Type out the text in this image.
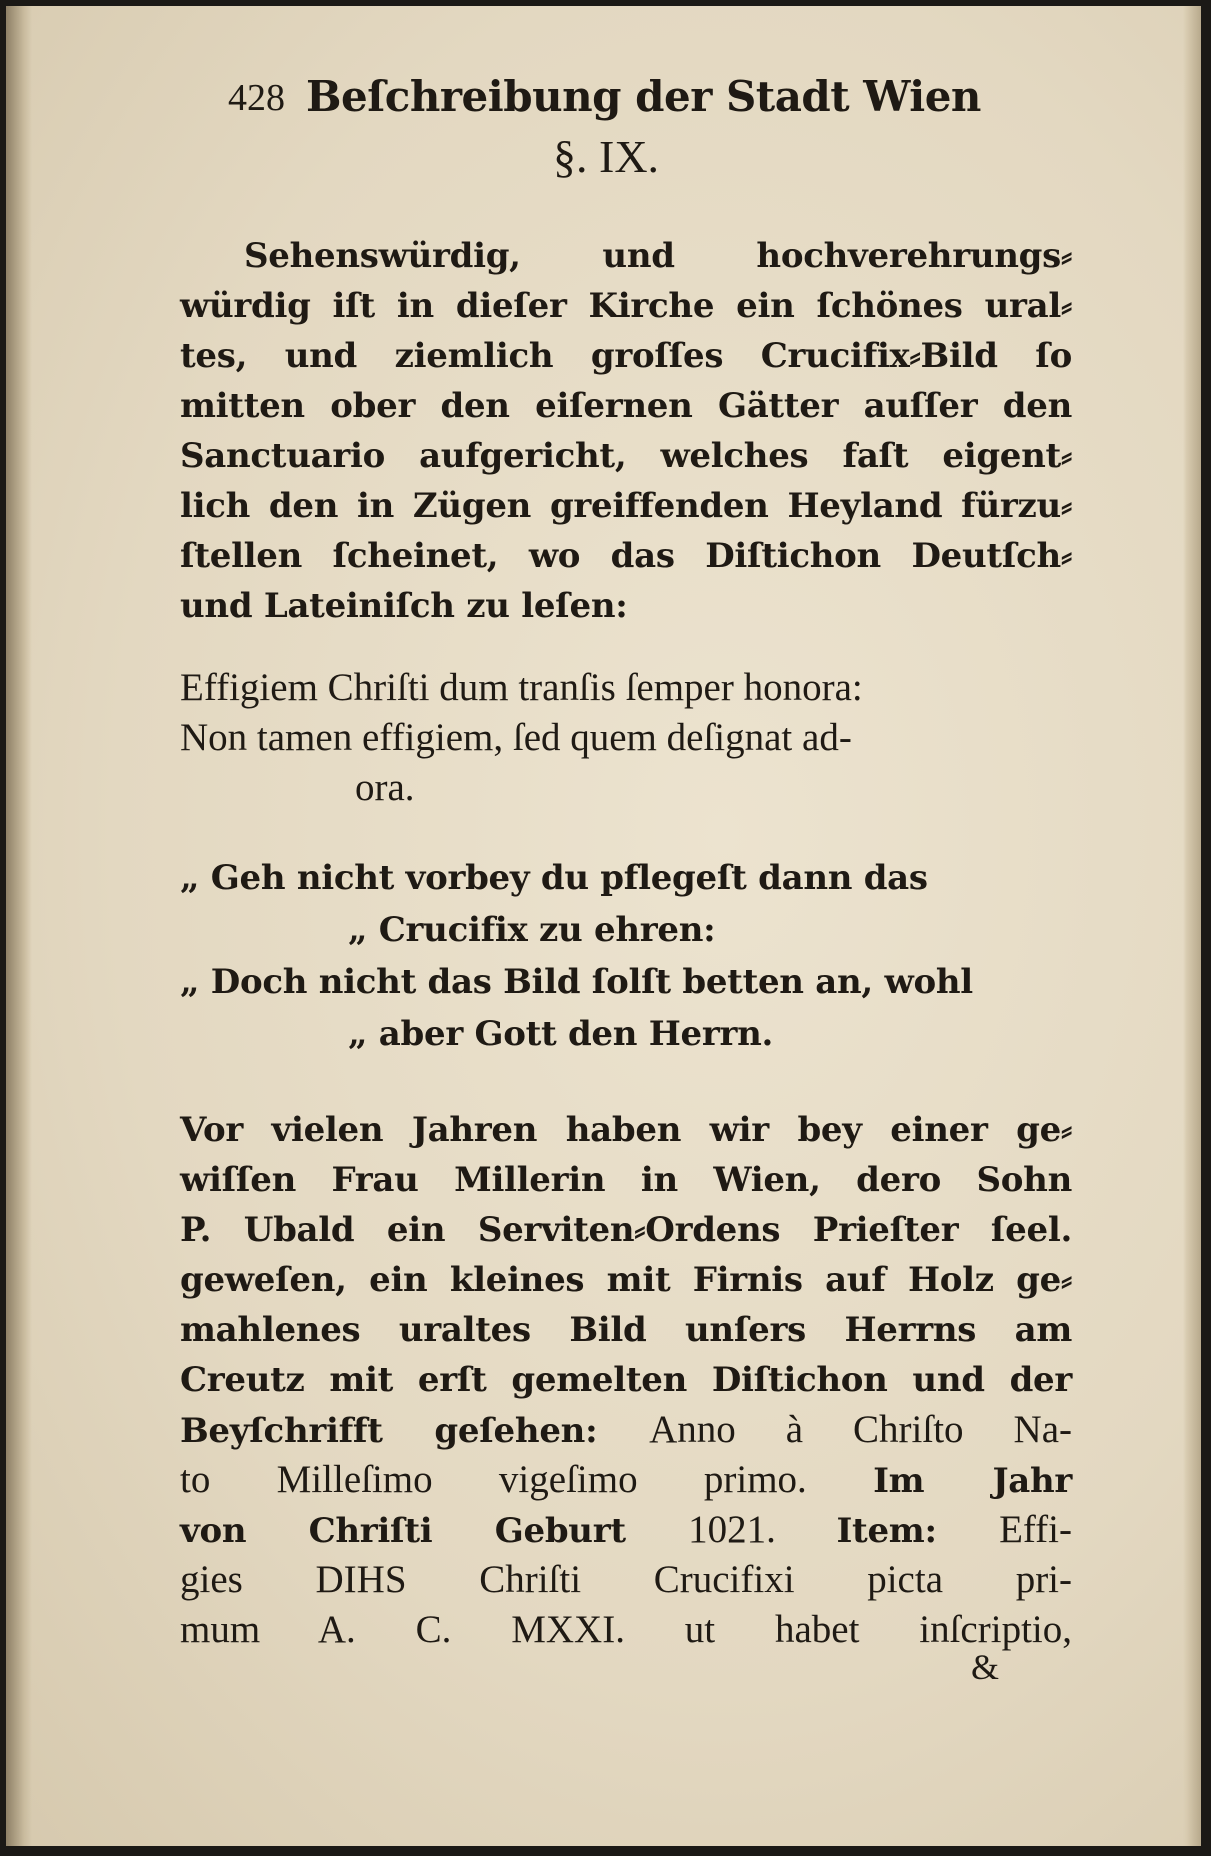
428 Beſchreibung der Stadt Wien
§. IX.
Sehenswürdig, und hochverehrungs⸗
würdig iſt in dieſer Kirche ein ſchönes ural⸗
tes, und ziemlich groſſes Crucifix⸗Bild ſo
mitten ober den eiſernen Gätter auſſer den
Sanctuario aufgericht, welches faſt eigent⸗
lich den in Zügen greiffenden Heyland fürzu⸗
ſtellen ſcheinet, wo das Diſtichon Deutſch⸗
und Lateiniſch zu leſen:
Effigiem Chriſti dum tranſis ſemper honora:
Non tamen effigiem, ſed quem deſignat ad-
ora.
„ Geh nicht vorbey du pflegeſt dann das
„ Crucifix zu ehren:
„ Doch nicht das Bild ſolſt betten an, wohl
„ aber Gott den Herrn.
Vor vielen Jahren haben wir bey einer ge⸗
wiſſen Frau Millerin in Wien, dero Sohn
P. Ubald ein Serviten⸗Ordens Prieſter ſeel.
geweſen, ein kleines mit Firnis auf Holz ge⸗
mahlenes uraltes Bild unſers Herrns am
Creutz mit erſt gemelten Diſtichon und der
Beyſchrifft geſehen: Anno à Chriſto Na-
to Milleſimo vigeſimo primo. Im Jahr
von Chriſti Geburt 1021. Item: Effi-
gies DIHS Chriſti Crucifixi picta pri-
mum A. C. MXXI. ut habet inſcriptio,
&
